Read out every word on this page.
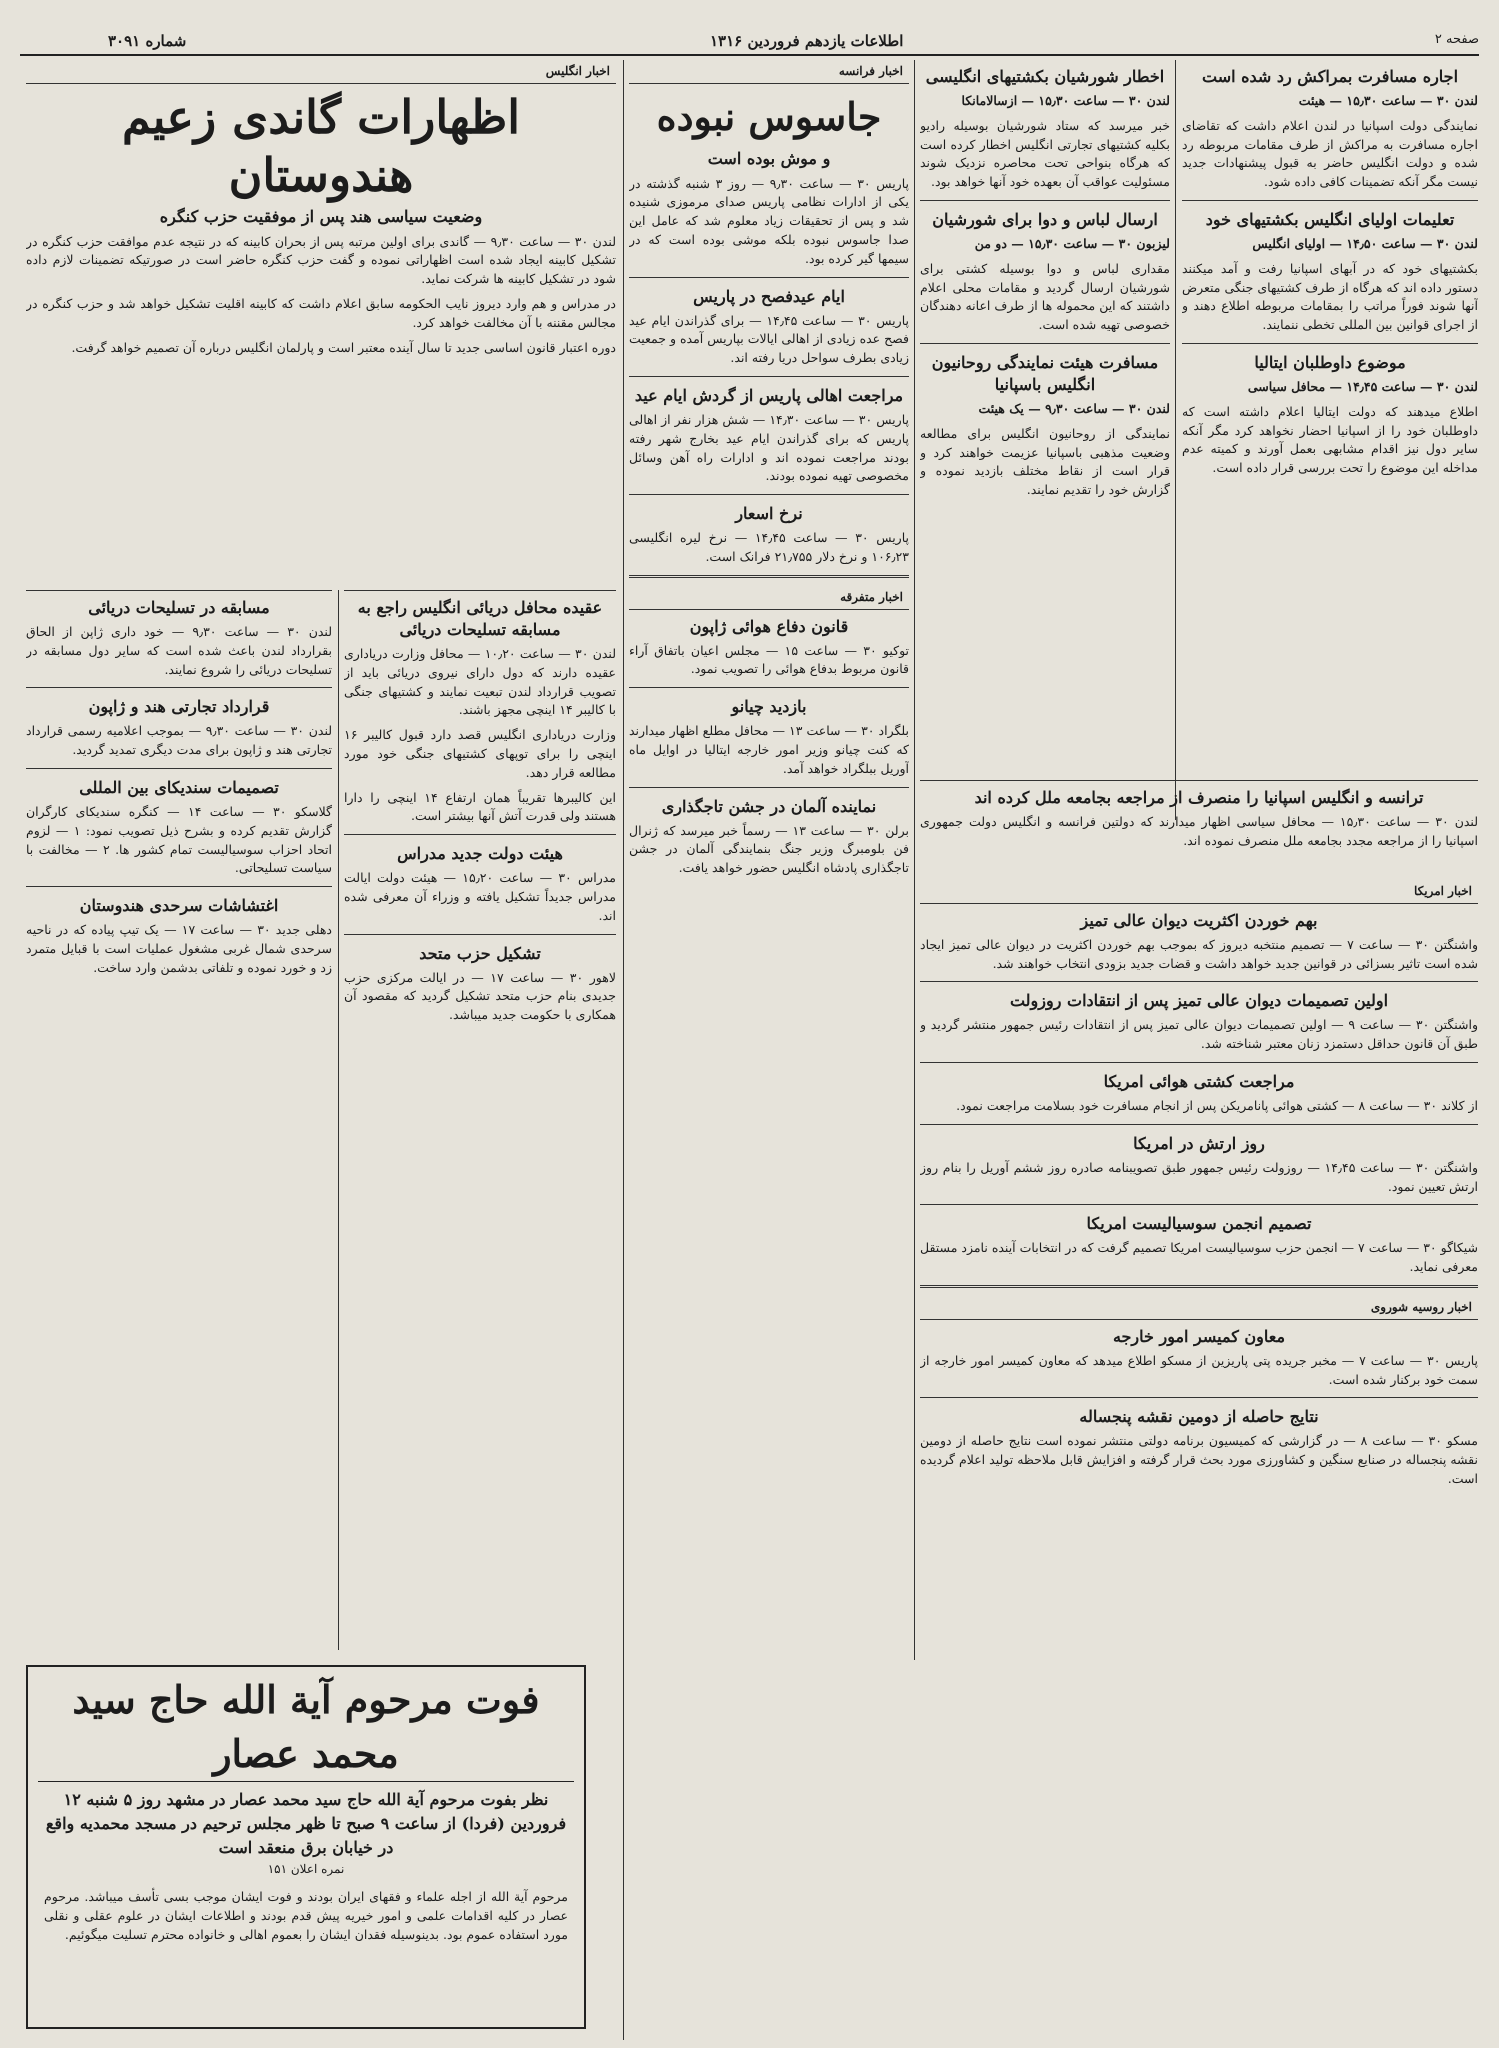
شماره ۳۰۹۱	اطلاعات یازدهم فروردین ۱۳۱۶	صفحه ۲
اجاره مسافرت بمراکش رد شده است

لندن ۳۰ — ساعت ۱۵٫۳۰ — هیئت

نمایندگی دولت اسپانیا در لندن اعلام داشت که تقاضای اجاره مسافرت به مراکش از طرف مقامات مربوطه رد شده و دولت انگلیس حاضر به قبول پیشنهادات جدید نیست مگر آنکه تضمینات کافی داده شود.

تعلیمات اولیای انگلیس بکشتیهای خود

لندن ۳۰ — ساعت ۱۴٫۵۰ — اولیای انگلیس

بکشتیهای خود که در آبهای اسپانیا رفت و آمد میکنند دستور داده اند که هرگاه از طرف کشتیهای جنگی متعرض آنها شوند فوراً مراتب را بمقامات مربوطه اطلاع دهند و از اجرای قوانین بین المللی تخطی ننمایند.

موضوع داوطلبان ایتالیا

لندن ۳۰ — ساعت ۱۴٫۴۵ — محافل سیاسی

اطلاع میدهند که دولت ایتالیا اعلام داشته است که داوطلبان خود را از اسپانیا احضار نخواهد کرد مگر آنکه سایر دول نیز اقدام مشابهی بعمل آورند و کمیته عدم مداخله این موضوع را تحت بررسی قرار داده است.

اخطار شورشیان بکشتیهای انگلیسی

لندن ۳۰ — ساعت ۱۵٫۳۰ — ازسالامانکا

خبر میرسد که ستاد شورشیان بوسیله رادیو بکلیه کشتیهای تجارتی انگلیس اخطار کرده است که هرگاه بنواحی تحت محاصره نزدیک شوند مسئولیت عواقب آن بعهده خود آنها خواهد بود.

ارسال لباس و دوا برای شورشیان

لیزبون ۳۰ — ساعت ۱۵٫۳۰ — دو من

مقداری لباس و دوا بوسیله کشتی برای شورشیان ارسال گردید و مقامات محلی اعلام داشتند که این محموله ها از طرف اعانه دهندگان خصوصی تهیه شده است.

مسافرت هیئت نمایندگی روحانیون انگلیس باسپانیا

لندن ۳۰ — ساعت ۹٫۳۰ — یک هیئت

نمایندگی از روحانیون انگلیس برای مطالعه وضعیت مذهبی باسپانیا عزیمت خواهند کرد و قرار است از نقاط مختلف بازدید نموده و گزارش خود را تقدیم نمایند.

ترانسه و انگلیس اسپانیا را منصرف از مراجعه بجامعه ملل کرده اند

لندن ۳۰ — ساعت ۱۵٫۳۰ — محافل سیاسی اظهار میدارند که دولتین فرانسه و انگلیس دولت جمهوری اسپانیا را از مراجعه مجدد بجامعه ملل منصرف نموده اند.

اخبار امریکا
بهم خوردن اکثریت دیوان عالی تمیز

واشنگتن ۳۰ — ساعت ۷ — تصمیم منتخبه دیروز که بموجب بهم خوردن اکثریت در دیوان عالی تمیز ایجاد شده است تاثیر بسزائی در قوانین جدید خواهد داشت و قضات جدید بزودی انتخاب خواهند شد.

اولین تصمیمات دیوان عالی تمیز پس از انتقادات روزولت

واشنگتن ۳۰ — ساعت ۹ — اولین تصمیمات دیوان عالی تمیز پس از انتقادات رئیس جمهور منتشر گردید و طبق آن قانون حداقل دستمزد زنان معتبر شناخته شد.

مراجعت کشتی هوائی امریکا

از کلاند ۳۰ — ساعت ۸ — کشتی هوائی پانامریکن پس از انجام مسافرت خود بسلامت مراجعت نمود.

روز ارتش در امریکا

واشنگتن ۳۰ — ساعت ۱۴٫۴۵ — روزولت رئیس جمهور طبق تصویبنامه صادره روز ششم آوریل را بنام روز ارتش تعیین نمود.

تصمیم انجمن سوسیالیست امریکا

شیکاگو ۳۰ — ساعت ۷ — انجمن حزب سوسیالیست امریکا تصمیم گرفت که در انتخابات آینده نامزد مستقل معرفی نماید.

اخبار روسیه شوروی
معاون کمیسر امور خارجه

پاریس ۳۰ — ساعت ۷ — مخبر جریده پتی پاریزین از مسکو اطلاع میدهد که معاون کمیسر امور خارجه از سمت خود برکنار شده است.

نتایج حاصله از دومین نقشه پنجساله

مسکو ۳۰ — ساعت ۸ — در گزارشی که کمیسیون برنامه دولتی منتشر نموده است نتایج حاصله از دومین نقشه پنجساله در صنایع سنگین و کشاورزی مورد بحث قرار گرفته و افزایش قابل ملاحظه تولید اعلام گردیده است.

اخبار فرانسه
جاسوس نبوده
و موش بوده است

پاریس ۳۰ — ساعت ۹٫۳۰ — روز ۳ شنبه گذشته در یکی از ادارات نظامی پاریس صدای مرموزی شنیده شد و پس از تحقیقات زیاد معلوم شد که عامل این صدا جاسوس نبوده بلکه موشی بوده است که در سیمها گیر کرده بود.

ایام عیدفصح در پاریس

پاریس ۳۰ — ساعت ۱۴٫۴۵ — برای گذراندن ایام عید فصح عده زیادی از اهالی ایالات بپاریس آمده و جمعیت زیادی بطرف سواحل دریا رفته اند.

مراجعت اهالی پاریس از گردش ایام عید

پاریس ۳۰ — ساعت ۱۴٫۳۰ — شش هزار نفر از اهالی پاریس که برای گذراندن ایام عید بخارج شهر رفته بودند مراجعت نموده اند و ادارات راه آهن وسائل مخصوصی تهیه نموده بودند.

نرخ اسعار

پاریس ۳۰ — ساعت ۱۴٫۴۵ — نرخ لیره انگلیسی ۱۰۶٫۲۳ و نرخ دلار ۲۱٫۷۵۵ فرانک است.

اخبار متفرقه
قانون دفاع هوائی ژاپون

توکیو ۳۰ — ساعت ۱۵ — مجلس اعیان باتفاق آراء قانون مربوط بدفاع هوائی را تصویب نمود.

بازدید چیانو

بلگراد ۳۰ — ساعت ۱۳ — محافل مطلع اظهار میدارند که کنت چیانو وزیر امور خارجه ایتالیا در اوایل ماه آوریل ببلگراد خواهد آمد.

نماینده آلمان در جشن تاجگذاری

برلن ۳۰ — ساعت ۱۳ — رسماً خبر میرسد که ژنرال فن بلومبرگ وزیر جنگ بنمایندگی آلمان در جشن تاجگذاری پادشاه انگلیس حضور خواهد یافت.

اخبار انگلیس
اظهارات گاندی زعیم هندوستان
وضعیت سیاسی هند پس از موفقیت حزب کنگره

لندن ۳۰ — ساعت ۹٫۳۰ — گاندی برای اولین مرتبه پس از بحران کابینه که در نتیجه عدم موافقت حزب کنگره در تشکیل کابینه ایجاد شده است اظهاراتی نموده و گفت حزب کنگره حاضر است در صورتیکه تضمینات لازم داده شود در تشکیل کابینه ها شرکت نماید.

در مدراس و هم وارد دیروز نایب الحکومه سابق اعلام داشت که کابینه اقلیت تشکیل خواهد شد و حزب کنگره در مجالس مقننه با آن مخالفت خواهد کرد.

دوره اعتبار قانون اساسی جدید تا سال آینده معتبر است و پارلمان انگلیس درباره آن تصمیم خواهد گرفت.

عقیده محافل دریائی انگلیس راجع به مسابقه تسلیحات دریائی

لندن ۳۰ — ساعت ۱۰٫۲۰ — محافل وزارت دریاداری عقیده دارند که دول دارای نیروی دریائی باید از تصویب قرارداد لندن تبعیت نمایند و کشتیهای جنگی با کالیبر ۱۴ اینچی مجهز باشند.

وزارت دریاداری انگلیس قصد دارد قبول کالیبر ۱۶ اینچی را برای توپهای کشتیهای جنگی خود مورد مطالعه قرار دهد.

این کالیبرها تقریباً همان ارتفاع ۱۴ اینچی را دارا هستند ولی قدرت آتش آنها بیشتر است.

هیئت دولت جدید مدراس

مدراس ۳۰ — ساعت ۱۵٫۲۰ — هیئت دولت ایالت مدراس جدیداً تشکیل یافته و وزراء آن معرفی شده اند.

تشکیل حزب متحد

لاهور ۳۰ — ساعت ۱۷ — در ایالت مرکزی حزب جدیدی بنام حزب متحد تشکیل گردید که مقصود آن همکاری با حکومت جدید میباشد.

مسابقه در تسلیحات دریائی

لندن ۳۰ — ساعت ۹٫۳۰ — خود داری ژاپن از الحاق بقرارداد لندن باعث شده است که سایر دول مسابقه در تسلیحات دریائی را شروع نمایند.

قرارداد تجارتی هند و ژاپون

لندن ۳۰ — ساعت ۹٫۳۰ — بموجب اعلامیه رسمی قرارداد تجارتی هند و ژاپون برای مدت دیگری تمدید گردید.

تصمیمات سندیکای بین المللی

گلاسکو ۳۰ — ساعت ۱۴ — کنگره سندیکای کارگران گزارش تقدیم کرده و بشرح ذیل تصویب نمود: ۱ — لزوم اتحاد احزاب سوسیالیست تمام کشور ها. ۲ — مخالفت با سیاست تسلیحاتی.

اغتشاشات سرحدی هندوستان

دهلی جدید ۳۰ — ساعت ۱۷ — یک تیپ پیاده که در ناحیه سرحدی شمال غربی مشغول عملیات است با قبایل متمرد زد و خورد نموده و تلفاتی بدشمن وارد ساخت.

فوت مرحوم آیة الله حاج سید محمد عصار
نظر بفوت مرحوم آیة الله حاج سید محمد عصار در مشهد روز ۵ شنبه ۱۲ فروردین (فردا) از ساعت ۹ صبح تا ظهر مجلس ترحیم در مسجد محمدیه واقع در خیابان برق منعقد است
نمره اعلان ۱۵۱
مرحوم آیة الله از اجله علماء و فقهای ایران بودند و فوت ایشان موجب بسی تأسف میباشد. مرحوم عصار در کلیه اقدامات علمی و امور خیریه پیش قدم بودند و اطلاعات ایشان در علوم عقلی و نقلی مورد استفاده عموم بود. بدینوسیله فقدان ایشان را بعموم اهالی و خانواده محترم تسلیت میگوئیم.
